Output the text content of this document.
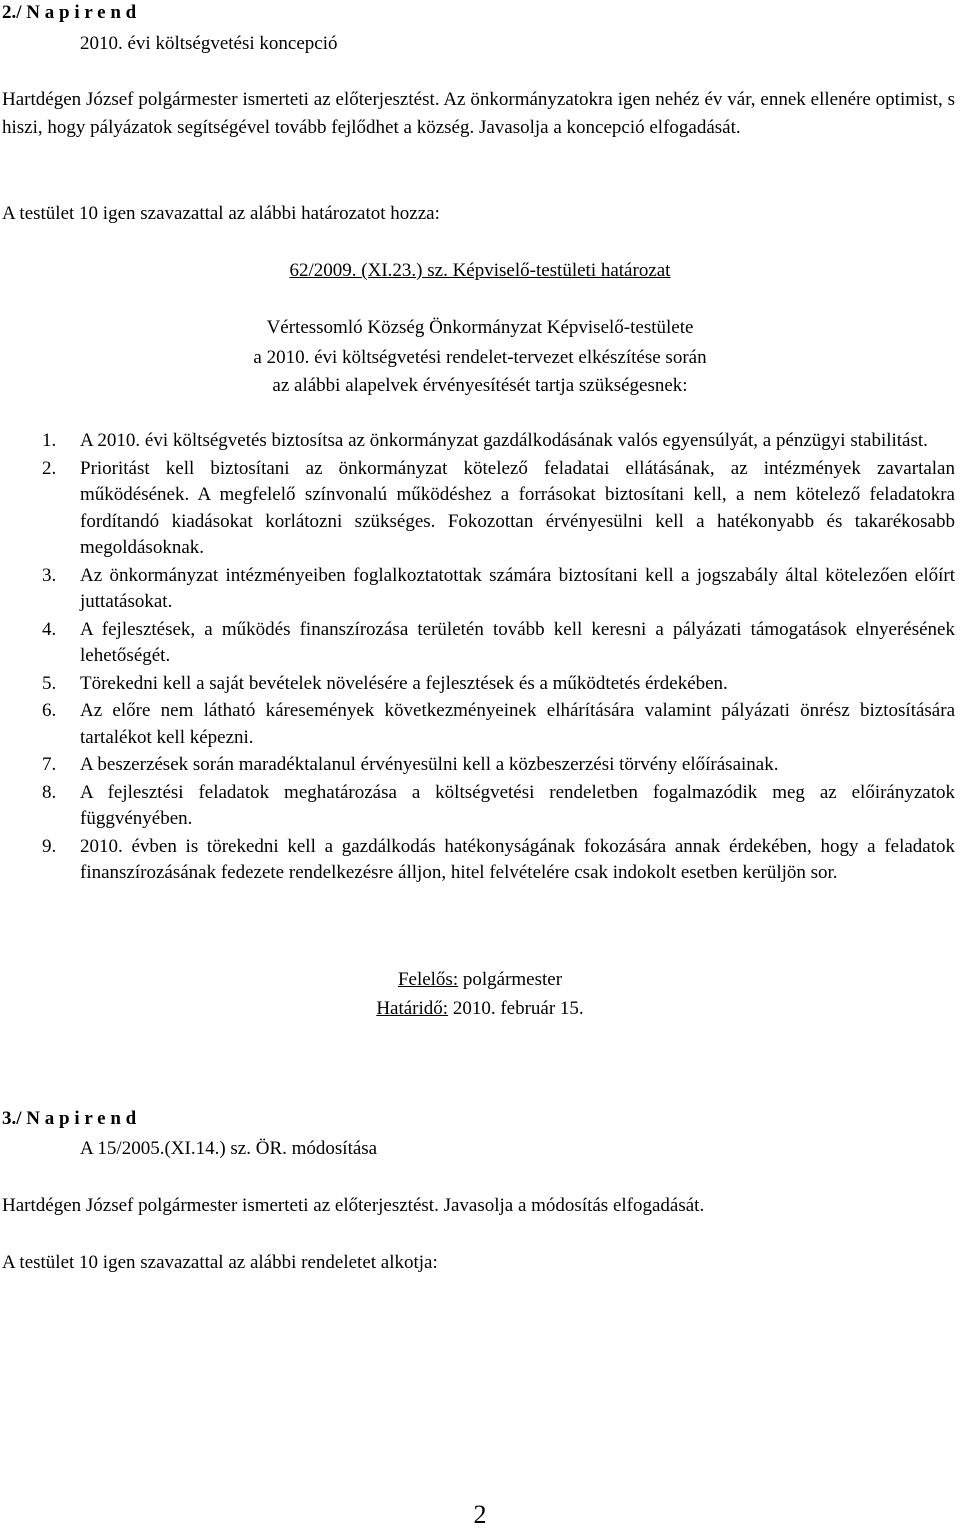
2./ N a p i r e n d
2010. évi költségvetési koncepció
Hartdégen József polgármester ismerteti az előterjesztést. Az önkormányzatokra igen nehéz év vár, ennek ellenére optimist, s hiszi, hogy pályázatok segítségével tovább fejlődhet a község. Javasolja a koncepció elfogadását.
A testület 10 igen szavazattal az alábbi határozatot hozza:
62/2009. (XI.23.) sz. Képviselő-testületi határozat
Vértessomló Község Önkormányzat Képviselő-testülete
a 2010. évi költségvetési rendelet-tervezet elkészítése során
az alábbi alapelvek érvényesítését tartja szükségesnek:
1. A 2010. évi költségvetés biztosítsa az önkormányzat gazdálkodásának valós egyensúlyát, a pénzügyi stabilitást.
2. Prioritást kell biztosítani az önkormányzat kötelező feladatai ellátásának, az intézmények zavartalan működésének. A megfelelő színvonalú működéshez a forrásokat biztosítani kell, a nem kötelező feladatokra fordítandó kiadásokat korlátozni szükséges. Fokozottan érvényesülni kell a hatékonyabb és takarékosabb megoldásoknak.
3. Az önkormányzat intézményeiben foglalkoztatottak számára biztosítani kell a jogszabály által kötelezően előírt juttatásokat.
4. A fejlesztések, a működés finanszírozása területén tovább kell keresni a pályázati támogatások elnyerésének lehetőségét.
5. Törekedni kell a saját bevételek növelésére a fejlesztések és a működtetés érdekében.
6. Az előre nem látható káresemények következményeinek elhárítására valamint pályázati önrész biztosítására tartalékot kell képezni.
7. A beszerzések során maradéktalanul érvényesülni kell a közbeszerzési törvény előírásainak.
8. A fejlesztési feladatok meghatározása a költségvetési rendeletben fogalmazódik meg az előirányzatok függvényében.
9. 2010. évben is törekedni kell a gazdálkodás hatékonyságának fokozására annak érdekében, hogy a feladatok finanszírozásának fedezete rendelkezésre álljon, hitel felvételére csak indokolt esetben kerüljön sor.
Felelős: polgármester
Határidő: 2010. február 15.
3./ N a p i r e n d
A 15/2005.(XI.14.) sz. ÖR. módosítása
Hartdégen József polgármester ismerteti az előterjesztést. Javasolja a módosítás elfogadását.
A testület 10 igen szavazattal az alábbi rendeletet alkotja:
2
